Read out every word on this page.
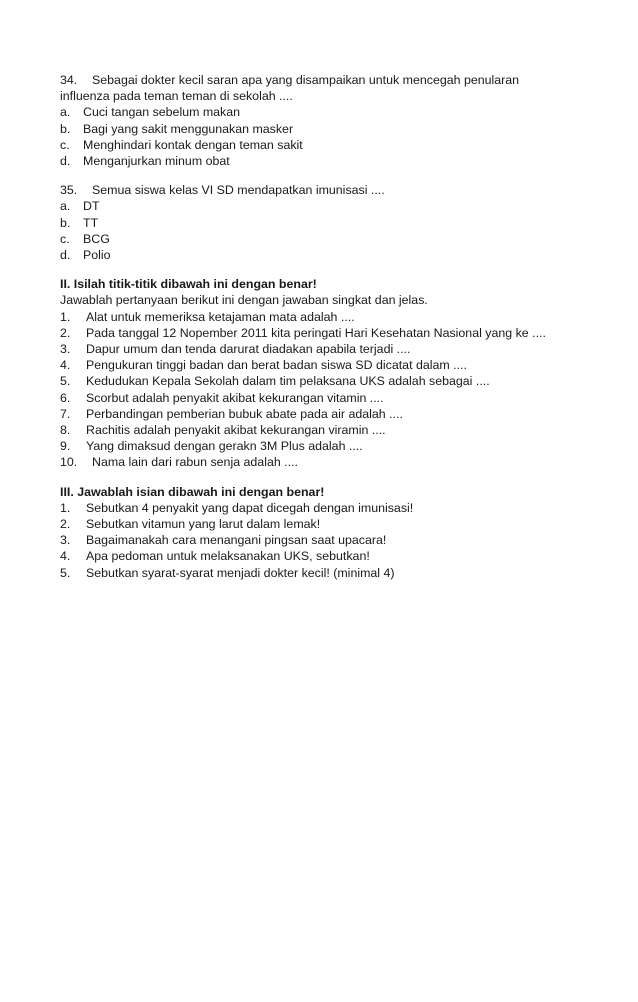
34. Sebagai dokter kecil saran apa yang disampaikan untuk mencegah penularan
influenza pada teman teman di sekolah ....
a. Cuci tangan sebelum makan
b. Bagi yang sakit menggunakan masker
c. Menghindari kontak dengan teman sakit
d. Menganjurkan minum obat
35. Semua siswa kelas VI SD mendapatkan imunisasi ....
a. DT
b. TT
c. BCG
d. Polio
II. Isilah titik-titik dibawah ini dengan benar!
Jawablah pertanyaan berikut ini dengan jawaban singkat dan jelas.
1. Alat untuk memeriksa ketajaman mata adalah ....
2. Pada tanggal 12 Nopember 2011 kita peringati Hari Kesehatan Nasional yang ke ....
3. Dapur umum dan tenda darurat diadakan apabila terjadi ....
4. Pengukuran tinggi badan dan berat badan siswa SD dicatat dalam ....
5. Kedudukan Kepala Sekolah dalam tim pelaksana UKS adalah sebagai ....
6. Scorbut adalah penyakit akibat kekurangan vitamin ....
7. Perbandingan pemberian bubuk abate pada air adalah ....
8. Rachitis adalah penyakit akibat kekurangan viramin ....
9. Yang dimaksud dengan gerakn 3M Plus adalah ....
10. Nama lain dari rabun senja adalah ....
III. Jawablah isian dibawah ini dengan benar!
1. Sebutkan 4 penyakit yang dapat dicegah dengan imunisasi!
2. Sebutkan vitamun yang larut dalam lemak!
3. Bagaimanakah cara menangani pingsan saat upacara!
4. Apa pedoman untuk melaksanakan UKS, sebutkan!
5. Sebutkan syarat-syarat menjadi dokter kecil! (minimal 4)
